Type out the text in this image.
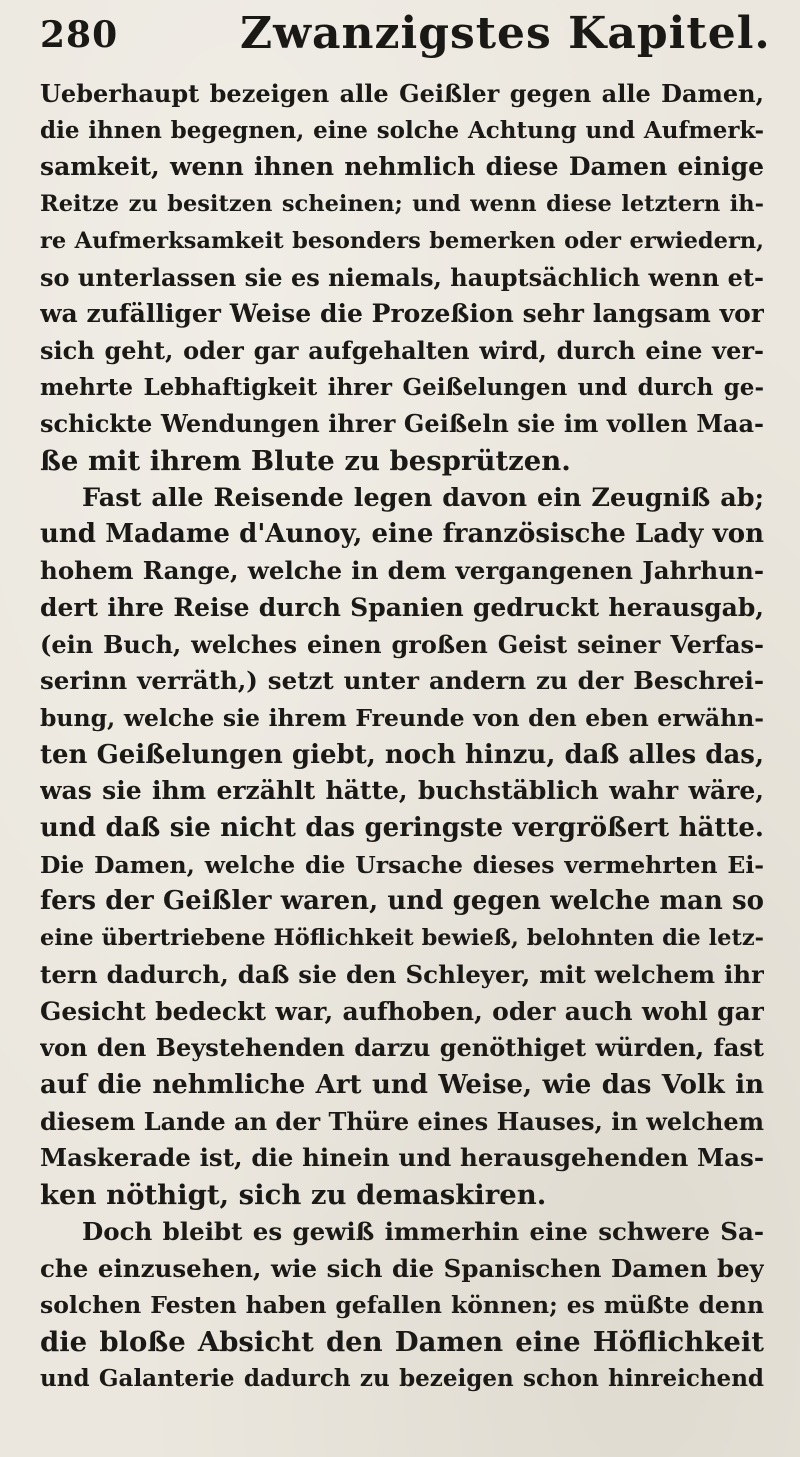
280	Zwanzigstes Kapitel.

Ueberhaupt bezeigen alle Geißler gegen alle Damen,
die ihnen begegnen, eine solche Achtung und Aufmerk-
samkeit, wenn ihnen nehmlich diese Damen einige
Reitze zu besitzen scheinen; und wenn diese letztern ih-
re Aufmerksamkeit besonders bemerken oder erwiedern,
so unterlassen sie es niemals, hauptsächlich wenn et-
wa zufälliger Weise die Prozeßion sehr langsam vor
sich geht, oder gar aufgehalten wird, durch eine ver-
mehrte Lebhaftigkeit ihrer Geißelungen und durch ge-
schickte Wendungen ihrer Geißeln sie im vollen Maa-
ße mit ihrem Blute zu besprützen.

Fast alle Reisende legen davon ein Zeugniß ab;
und Madame d'Aunoy, eine französische Lady von
hohem Range, welche in dem vergangenen Jahrhun-
dert ihre Reise durch Spanien gedruckt herausgab,
(ein Buch, welches einen großen Geist seiner Verfas-
serinn verräth,) setzt unter andern zu der Beschrei-
bung, welche sie ihrem Freunde von den eben erwähn-
ten Geißelungen giebt, noch hinzu, daß alles das,
was sie ihm erzählt hätte, buchstäblich wahr wäre,
und daß sie nicht das geringste vergrößert hätte.
Die Damen, welche die Ursache dieses vermehrten Ei-
fers der Geißler waren, und gegen welche man so
eine übertriebene Höflichkeit bewieß, belohnten die letz-
tern dadurch, daß sie den Schleyer, mit welchem ihr
Gesicht bedeckt war, aufhoben, oder auch wohl gar
von den Beystehenden darzu genöthiget würden, fast
auf die nehmliche Art und Weise, wie das Volk in
diesem Lande an der Thüre eines Hauses, in welchem
Maskerade ist, die hinein und herausgehenden Mas-
ken nöthigt, sich zu demaskiren.

Doch bleibt es gewiß immerhin eine schwere Sa-
che einzusehen, wie sich die Spanischen Damen bey
solchen Festen haben gefallen können; es müßte denn
die bloße Absicht den Damen eine Höflichkeit
und Galanterie dadurch zu bezeigen schon hinreichend
